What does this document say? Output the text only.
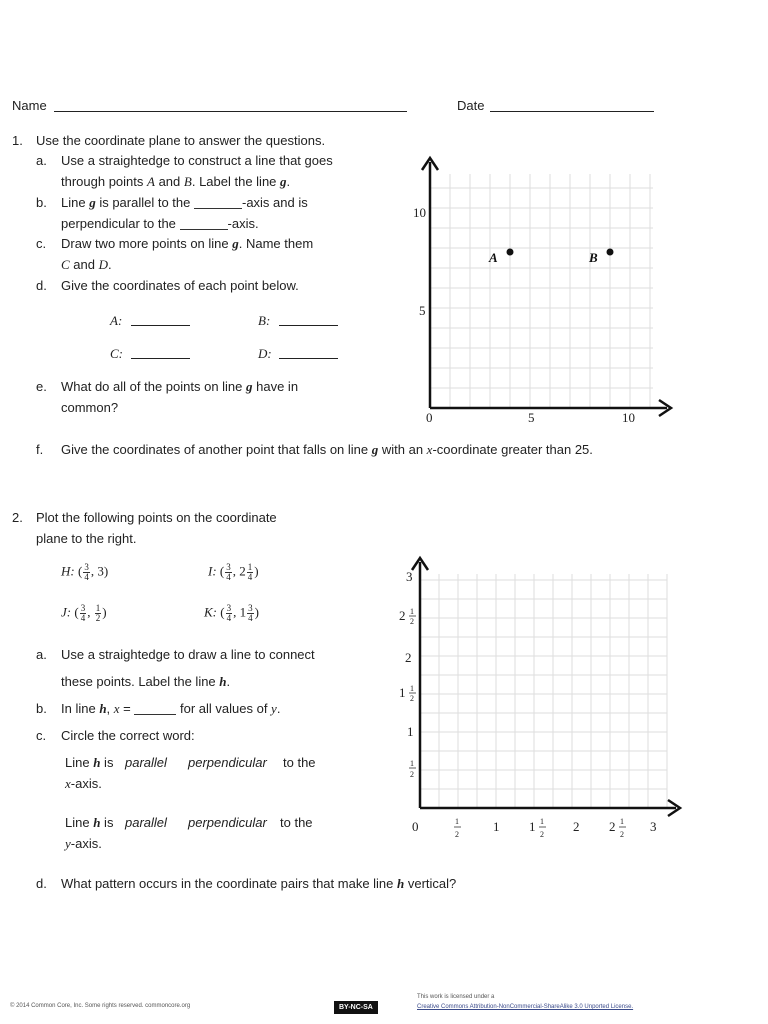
Name	Date
1. Use the coordinate plane to answer the questions.
a. Use a straightedge to construct a line that goes
through points A and B. Label the line g.
b. Line g is parallel to the	-axis and is
perpendicular to the	-axis.
c. Draw two more points on line g. Name them
C and D.
d. Give the coordinates of each point below.
A:	B:
C:	D:
e. What do all of the points on line g have in
common?
f. Give the coordinates of another point that falls on line g with an x-coordinate greater than 25.
10
5
0	5	10
A	B
2. Plot the following points on the coordinate
plane to the right.
H: ( $\frac{3}{4}$ , 3)	I: ( $\frac{3}{4}$ , $2 \frac{1}{4}$ )
J: ( $\frac{3}{4}$ , $\frac{1}{2}$ )	K: ( $\frac{3}{4}$ , $1 \frac{3}{4}$ )
a. Use a straightedge to draw a line to connect
these points. Label the line h.
b. In line h, x =	for all values of y.
c. Circle the correct word:
Line h is parallel perpendicular to the
x-axis.
Line h is parallel perpendicular to the
y-axis.
d. What pattern occurs in the coordinate pairs that make line h vertical?
3
2 1
2
2
1 1
2
1
1
2
0	1
2
1 1 1
2
2 2 1
2
3
© 2014 Common Core, Inc. Some rights reserved. commoncore.org	BY-NC-SA
This work is licensed under a
Creative Commons Attribution-NonCommercial-ShareAlike 3.0 Unported License.
